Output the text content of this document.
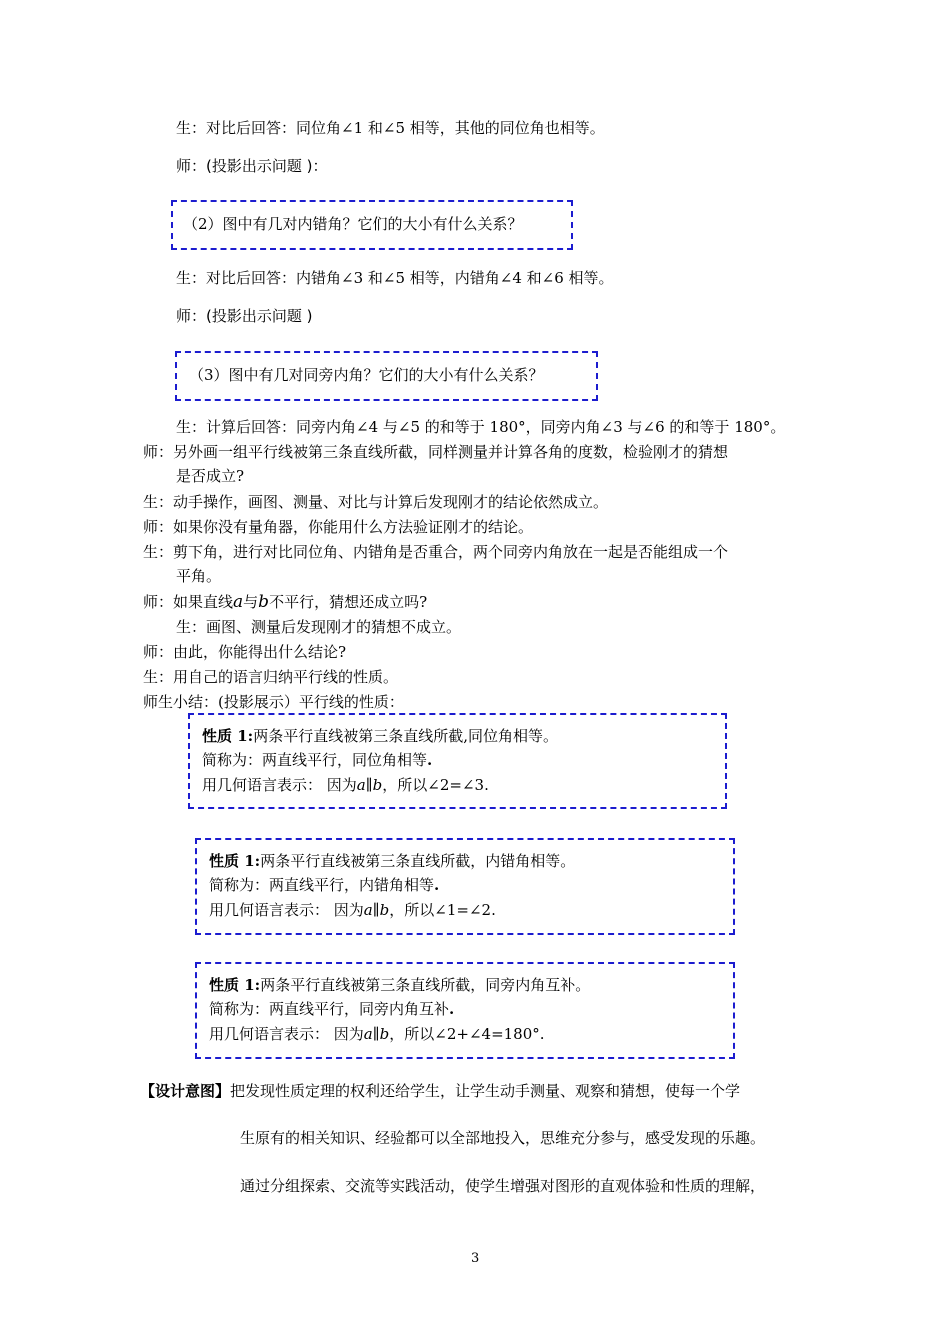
生：对比后回答：同位角∠1 和∠5 相等，其他的同位角也相等。
师：(投影出示问题 )：
（2）图中有几对内错角？它们的大小有什么关系？
生：对比后回答：内错角∠3 和∠5 相等，内错角∠4 和∠6 相等。
师：(投影出示问题 )
（3）图中有几对同旁内角？它们的大小有什么关系？
生：计算后回答：同旁内角∠4 与∠5 的和等于 180°，同旁内角∠3 与∠6 的和等于 180°。
师：另外画一组平行线被第三条直线所截，同样测量并计算各角的度数，检验刚才的猜想
是否成立?
生：动手操作，画图、测量、对比与计算后发现刚才的结论依然成立。
师：如果你没有量角器，你能用什么方法验证刚才的结论。
生：剪下角，进行对比同位角、内错角是否重合，两个同旁内角放在一起是否能组成一个
平角。
师：如果直线a与b不平行，猜想还成立吗?
生：画图、测量后发现刚才的猜想不成立。
师：由此，你能得出什么结论?
生：用自己的语言归纳平行线的性质。
师生小结：(投影展示）平行线的性质：
性质 1:两条平行直线被第三条直线所截,同位角相等。
简称为：两直线平行，同位角相等.
用几何语言表示： 因为a∥b，所以∠2=∠3.
性质 1:两条平行直线被第三条直线所截，内错角相等。
简称为：两直线平行，内错角相等.
用几何语言表示： 因为a∥b，所以∠1=∠2.
性质 1:两条平行直线被第三条直线所截，同旁内角互补。
简称为：两直线平行，同旁内角互补.
用几何语言表示： 因为a∥b，所以∠2+∠4=180°.
【设计意图】把发现性质定理的权利还给学生，让学生动手测量、观察和猜想，使每一个学
生原有的相关知识、经验都可以全部地投入，思维充分参与，感受发现的乐趣。
通过分组探索、交流等实践活动，使学生增强对图形的直观体验和性质的理解，
3
